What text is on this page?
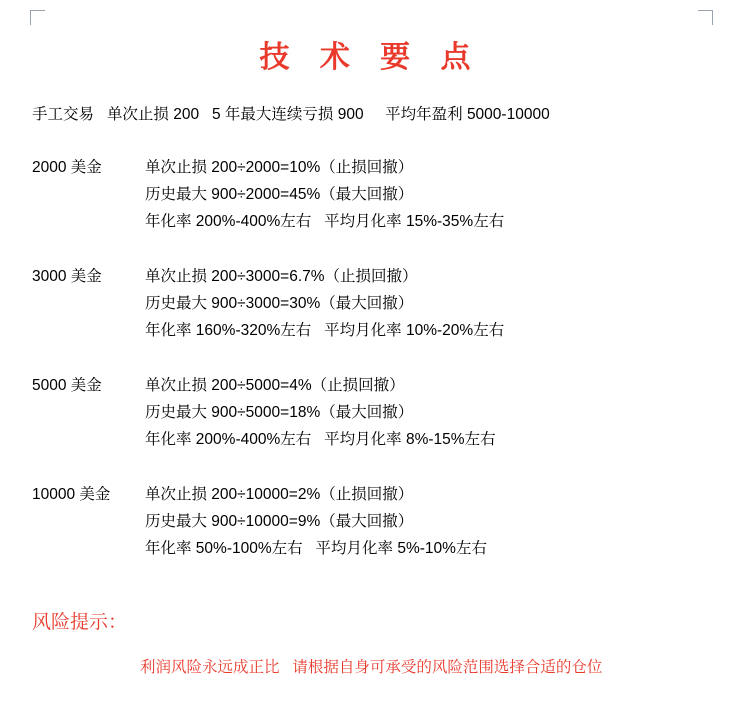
技 术 要 点
手工交易   单次止损 200   5 年最大连续亏损 900     平均年盈利 5000-10000
2000 美金	单次止损 200÷2000=10%（止损回撤）
历史最大 900÷2000=45%（最大回撤）
年化率 200%-400%左右   平均月化率 15%-35%左右
3000 美金	单次止损 200÷3000=6.7%（止损回撤）
历史最大 900÷3000=30%（最大回撤）
年化率 160%-320%左右   平均月化率 10%-20%左右
5000 美金	单次止损 200÷5000=4%（止损回撤）
历史最大 900÷5000=18%（最大回撤）
年化率 200%-400%左右   平均月化率 8%-15%左右
10000 美金 单次止损 200÷10000=2%（止损回撤）
历史最大 900÷10000=9%（最大回撤）
年化率 50%-100%左右   平均月化率 5%-10%左右
风险提示：
利润风险永远成正比   请根据自身可承受的风险范围选择合适的仓位
